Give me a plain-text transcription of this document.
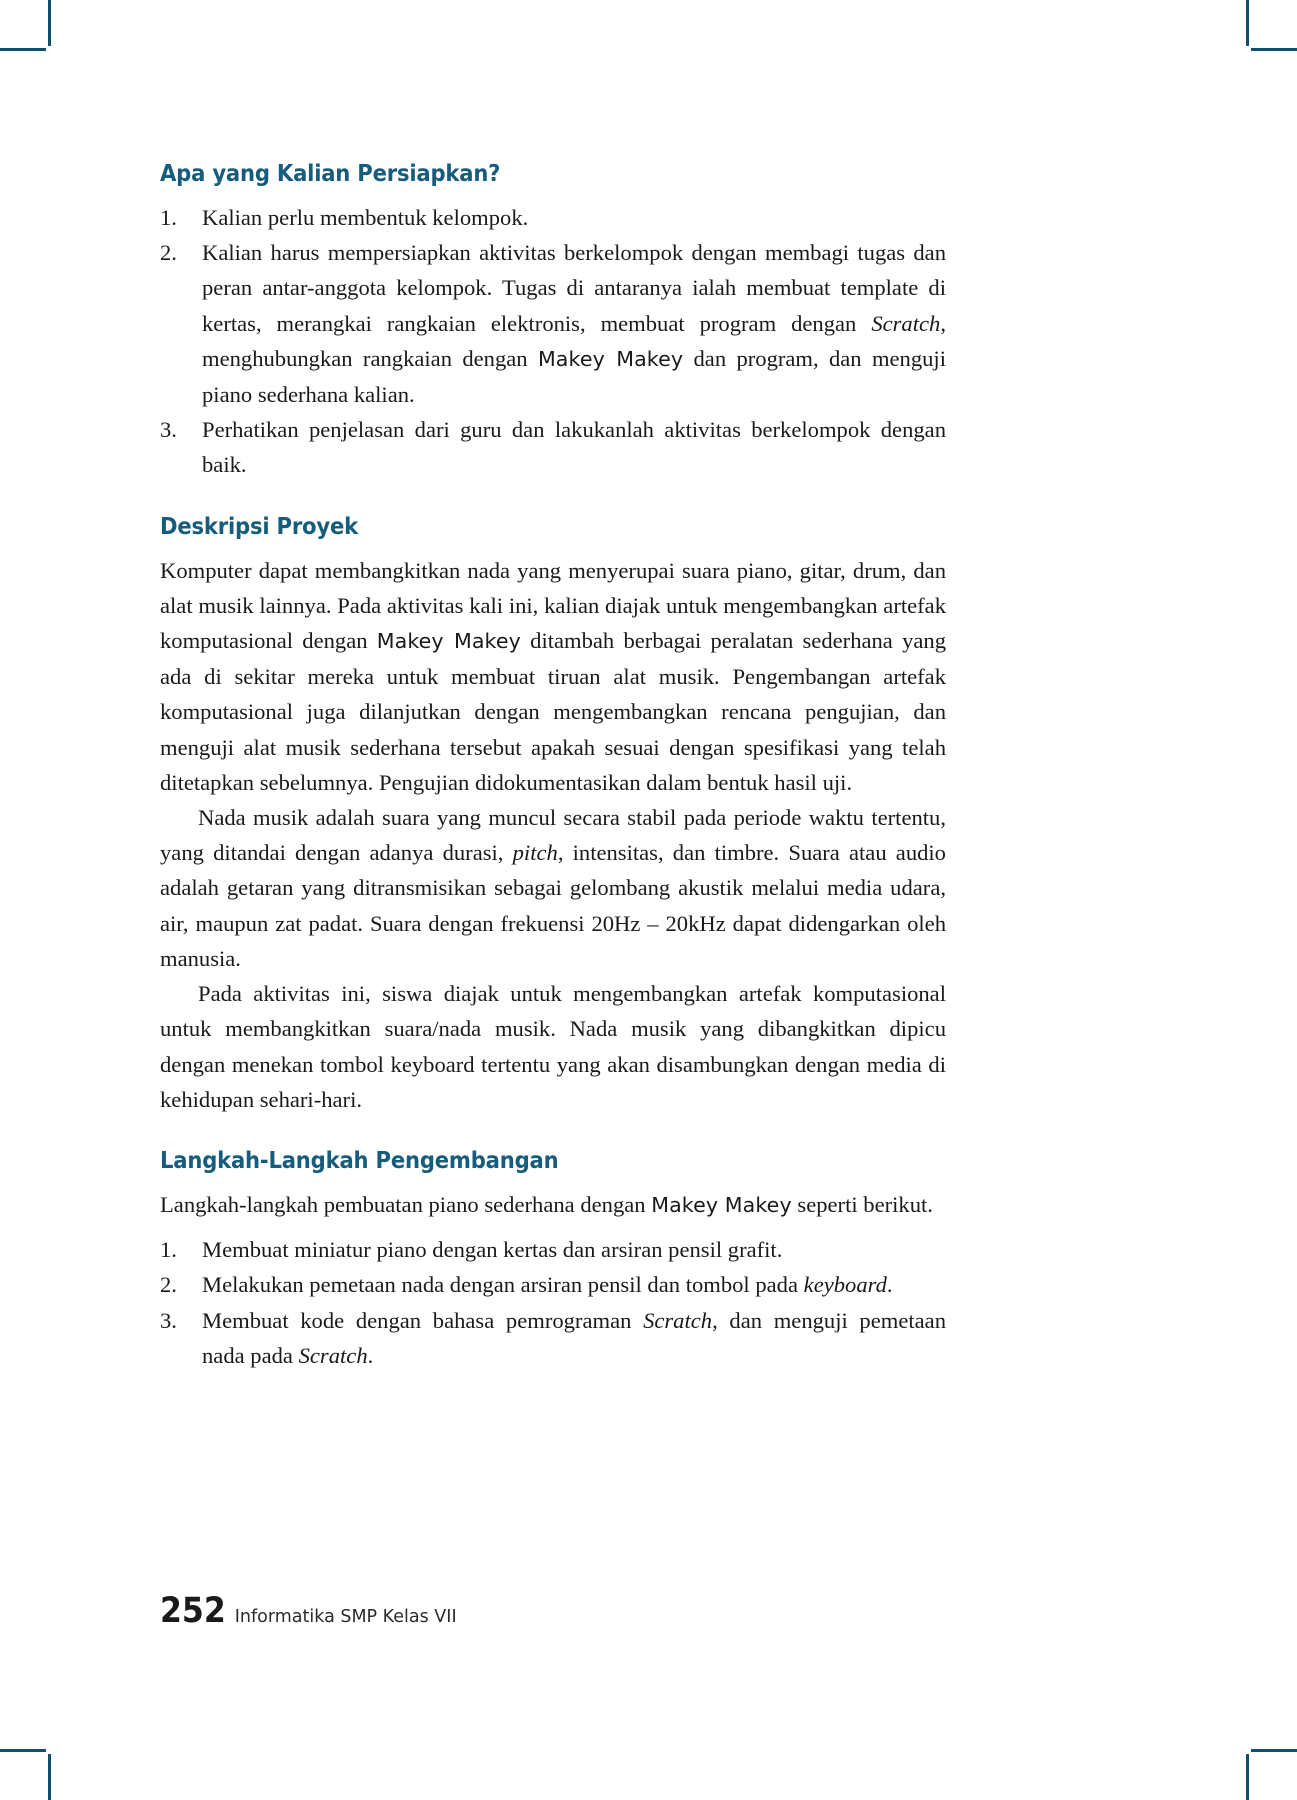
Apa yang Kalian Persiapkan?
1.	Kalian perlu membentuk kelompok.
2.	Kalian harus mempersiapkan aktivitas berkelompok dengan membagi tugas dan peran antar-anggota kelompok. Tugas di antaranya ialah membuat template di kertas, merangkai rangkaian elektronis, membuat program dengan Scratch, menghubungkan rangkaian dengan Makey Makey dan program, dan menguji piano sederhana kalian.
3.	Perhatikan penjelasan dari guru dan lakukanlah aktivitas berkelompok dengan baik.
Deskripsi Proyek

Komputer dapat membangkitkan nada yang menyerupai suara piano, gitar, drum, dan alat musik lainnya. Pada aktivitas kali ini, kalian diajak untuk mengembangkan artefak komputasional dengan Makey Makey ditambah berbagai peralatan sederhana yang ada di sekitar mereka untuk membuat tiruan alat musik. Pengembangan artefak komputasional juga dilanjutkan dengan mengembangkan rencana pengujian, dan menguji alat musik sederhana tersebut apakah sesuai dengan spesifikasi yang telah ditetapkan sebelumnya. Pengujian didokumentasikan dalam bentuk hasil uji.

Nada musik adalah suara yang muncul secara stabil pada periode waktu tertentu, yang ditandai dengan adanya durasi, pitch, intensitas, dan timbre. Suara atau audio adalah getaran yang ditransmisikan sebagai gelombang akustik melalui media udara, air, maupun zat padat. Suara dengan frekuensi 20Hz – 20kHz dapat didengarkan oleh manusia.

Pada aktivitas ini, siswa diajak untuk mengembangkan artefak komputasional untuk membangkitkan suara/nada musik. Nada musik yang dibangkitkan dipicu dengan menekan tombol keyboard tertentu yang akan disambungkan dengan media di kehidupan sehari-hari.

Langkah-Langkah Pengembangan

Langkah-langkah pembuatan piano sederhana dengan Makey Makey seperti berikut.

1.	Membuat miniatur piano dengan kertas dan arsiran pensil grafit.
2.	Melakukan pemetaan nada dengan arsiran pensil dan tombol pada keyboard.
3.	Membuat kode dengan bahasa pemrograman Scratch, dan menguji pemetaan nada pada Scratch.
252 Informatika SMP Kelas VII
